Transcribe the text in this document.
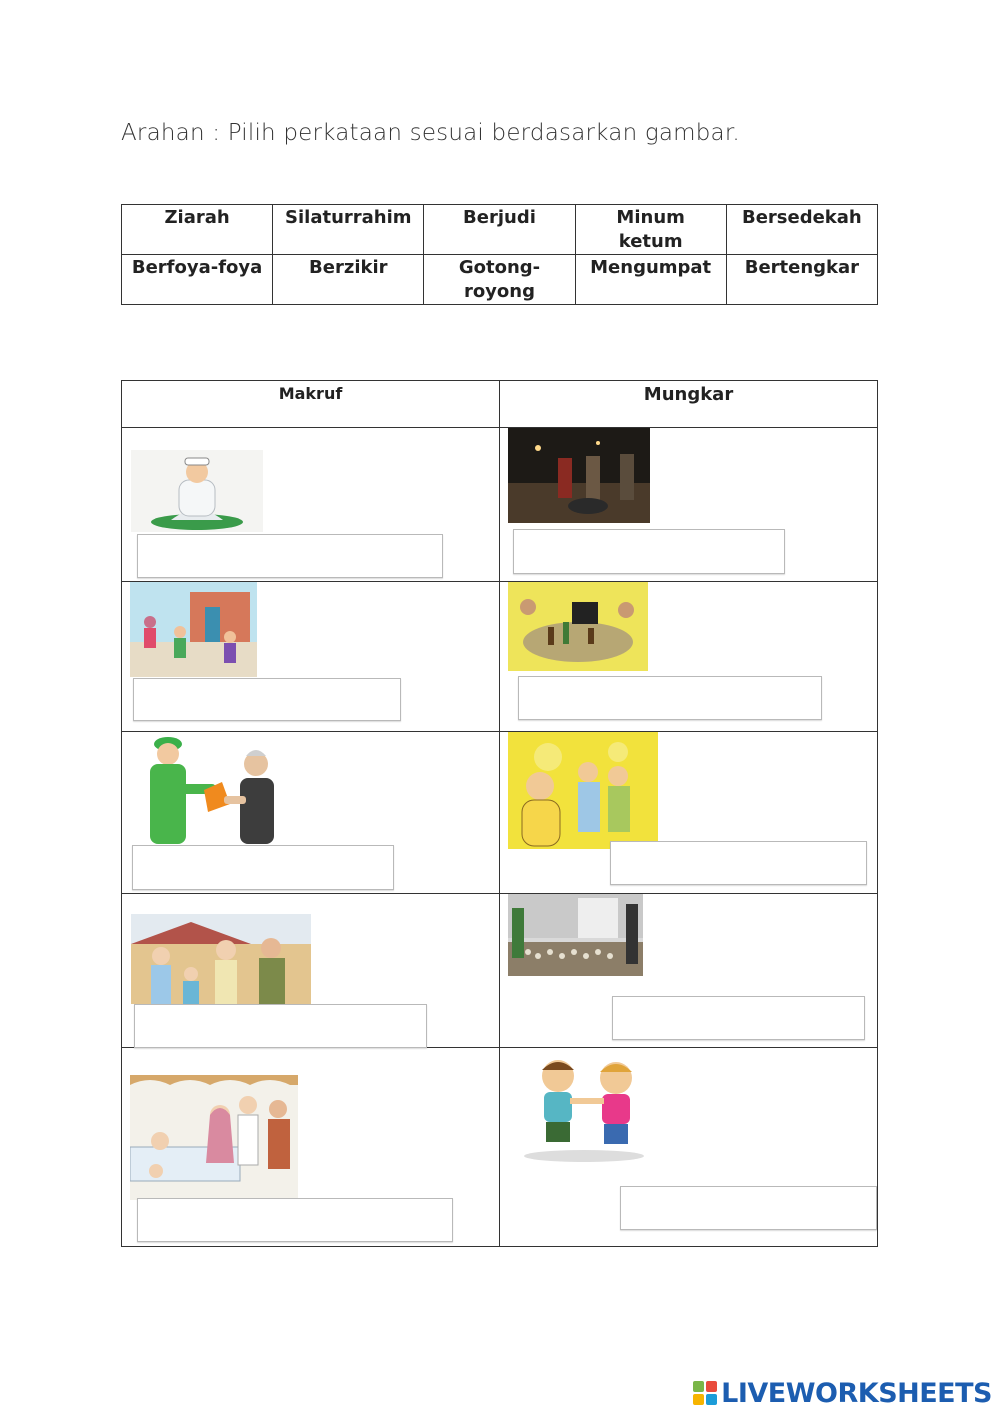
Arahan : Pilih perkataan sesuai berdasarkan gambar.
Ziarah	Silaturrahim	Berjudi	Minum ketum	Bersedekah
Berfoya-foya	Berzikir	Gotong-royong	Mengumpat	Bertengkar
Makruf	Mungkar

LIVEWORKSHEETS
